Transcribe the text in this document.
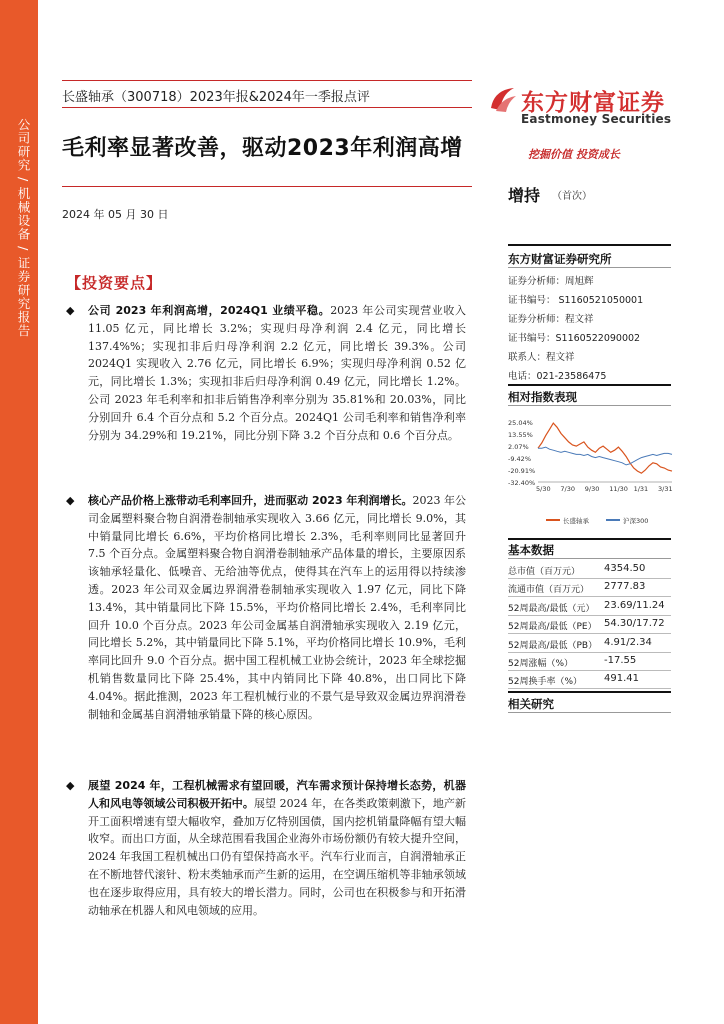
公司研究 / 机械设备 / 证券研究报告
长盛轴承（300718）2023年报&2024年一季报点评
毛利率显著改善，驱动2023年利润高增
2024 年 05 月 30 日
东方财富证券
Eastmoney Securities
挖掘价值 投资成长
增持 （首次）
东方财富证券研究所
证券分析师：周旭辉
证书编号： S1160521050001
证券分析师：程文祥
证书编号：S1160522090002
联系人：程文祥
电话：021-23586475
相对指数表现
25.04%
13.55%
2.07%
-9.42%
-20.91%
-32.40%
5/30 7/30 9/30 11/30 1/31 3/31
长盛轴承	沪深300
基本数据
总市值（百万元） 4354.50
流通市值（百万元） 2777.83
52周最高/最低（元） 23.69/11.24
52周最高/最低（PE） 54.30/17.72
52周最高/最低（PB） 4.91/2.34
52周涨幅（%）	-17.55
52周换手率（%） 491.41
相关研究
【投资要点】
◆ 公司 2023 年利润高增，2024Q1 业绩平稳。2023 年公司实现营业收入 11.05 亿元，同比增长 3.2%；实现归母净利润 2.4 亿元，同比增长 137.4%%；实现扣非后归母净利润 2.2 亿元，同比增长 39.3%。公司 2024Q1 实现收入 2.76 亿元，同比增长 6.9%；实现归母净利润 0.52 亿元，同比增长 1.3%；实现扣非后归母净利润 0.49 亿元，同比增长 1.2%。公司 2023 年毛利率和扣非后销售净利率分别为 35.81%和 20.03%，同比分别回升 6.4 个百分点和 5.2 个百分点。2024Q1 公司毛利率和销售净利率分别为 34.29%和 19.21%，同比分别下降 3.2 个百分点和 0.6 个百分点。
◆ 核心产品价格上涨带动毛利率回升，进而驱动 2023 年利润增长。2023 年公司金属塑料聚合物自润滑卷制轴承实现收入 3.66 亿元，同比增长 9.0%，其中销量同比增长 6.6%，平均价格同比增长 2.3%，毛利率则同比显著回升 7.5 个百分点。金属塑料聚合物自润滑卷制轴承产品体量的增长，主要原因系该轴承轻量化、低噪音、无给油等优点，使得其在汽车上的运用得以持续渗透。2023 年公司双金属边界润滑卷制轴承实现收入 1.97 亿元，同比下降 13.4%，其中销量同比下降 15.5%，平均价格同比增长 2.4%，毛利率同比回升 10.0 个百分点。2023 年公司金属基自润滑轴承实现收入 2.19 亿元，同比增长 5.2%，其中销量同比下降 5.1%，平均价格同比增长 10.9%，毛利率同比回升 9.0 个百分点。据中国工程机械工业协会统计，2023 年全球挖掘机销售数量同比下降 25.4%，其中内销同比下降 40.8%，出口同比下降 4.04%。据此推测，2023 年工程机械行业的不景气是导致双金属边界润滑卷制轴和金属基自润滑轴承销量下降的核心原因。
◆ 展望 2024 年，工程机械需求有望回暖，汽车需求预计保持增长态势，机器人和风电等领域公司积极开拓中。展望 2024 年，在各类政策刺激下，地产新开工面积增速有望大幅收窄，叠加万亿特别国债，国内挖机销量降幅有望大幅收窄。而出口方面，从全球范围看我国企业海外市场份额仍有较大提升空间， 2024 年我国工程机械出口仍有望保持高水平。汽车行业而言，自润滑轴承正在不断地替代滚针、粉末类轴承而产生新的运用，在空调压缩机等非轴承领域也在逐步取得应用，具有较大的增长潜力。同时，公司也在积极参与和开拓滑动轴承在机器人和风电领域的应用。
